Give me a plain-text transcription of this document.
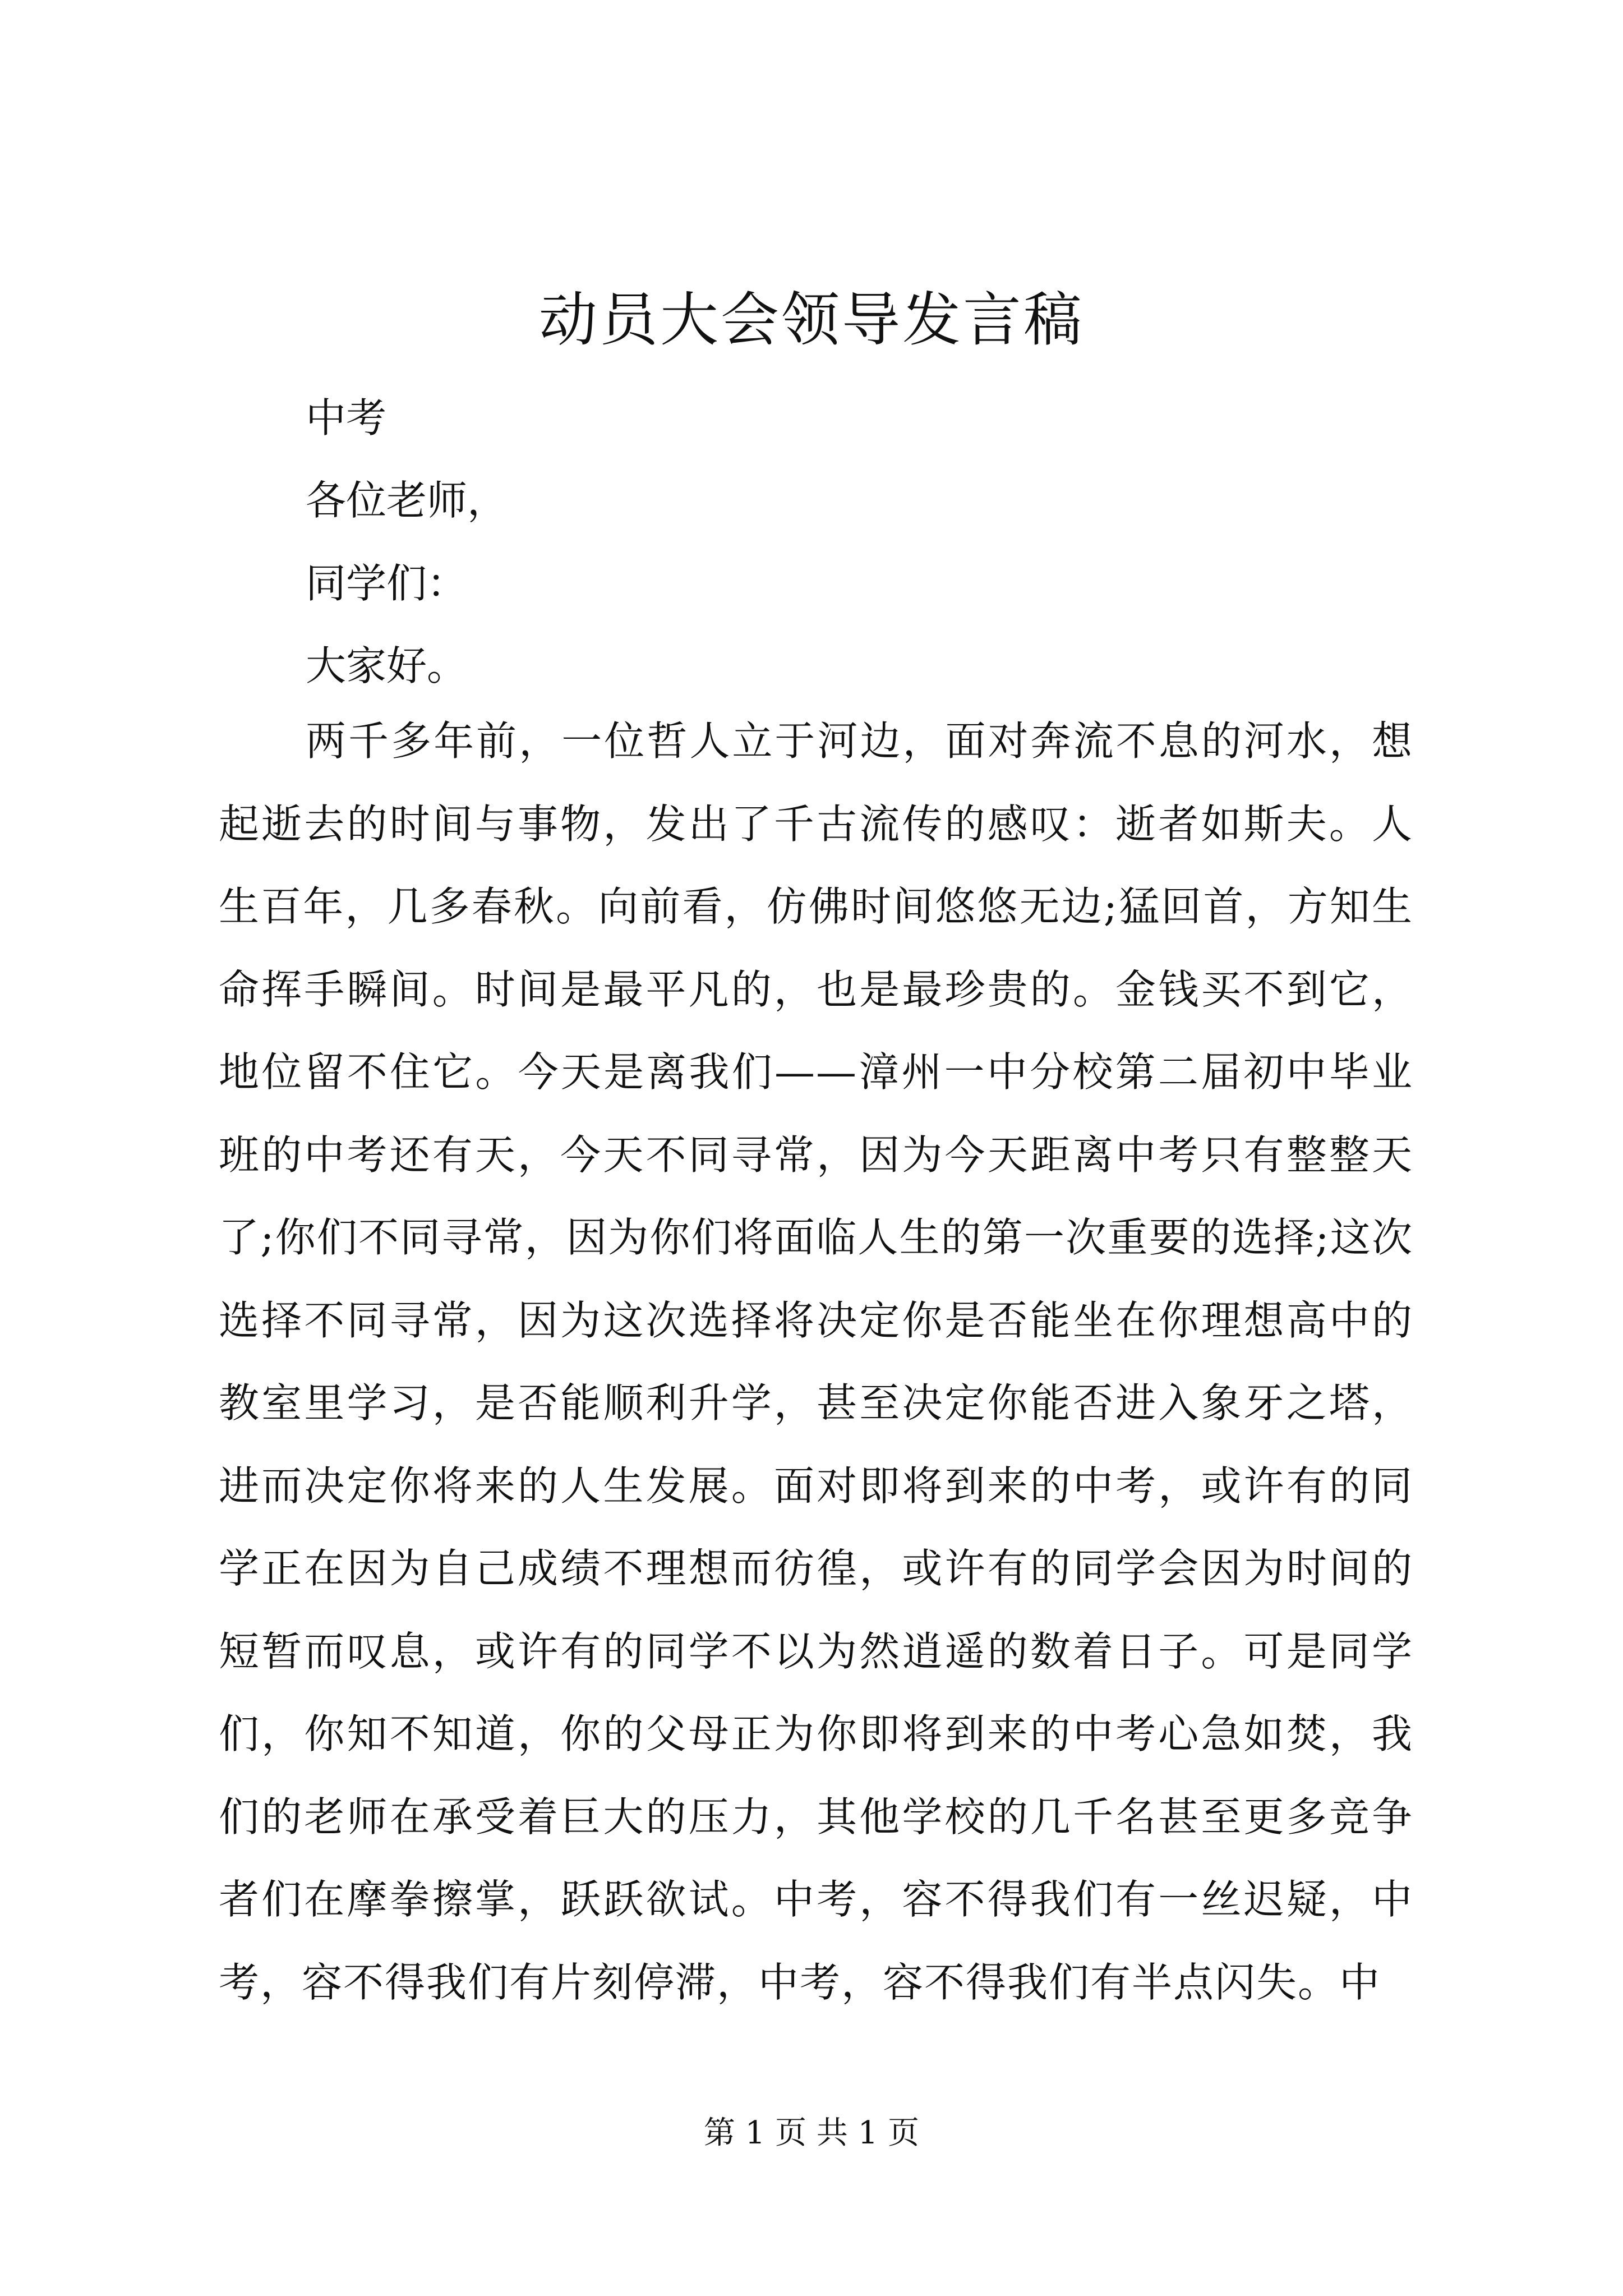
动员大会领导发言稿

中考

各位老师，

同学们：

大家好。

两千多年前，一位哲人立于河边，面对奔流不息的河水，想起逝去的时间与事物，发出了千古流传的感叹：逝者如斯夫。人生百年，几多春秋。向前看，仿佛时间悠悠无边;猛回首，方知生命挥手瞬间。时间是最平凡的，也是最珍贵的。金钱买不到它，地位留不住它。今天是离我们——漳州一中分校第二届初中毕业班的中考还有天，今天不同寻常，因为今天距离中考只有整整天了;你们不同寻常，因为你们将面临人生的第一次重要的选择;这次选择不同寻常，因为这次选择将决定你是否能坐在你理想高中的教室里学习，是否能顺利升学，甚至决定你能否进入象牙之塔，进而决定你将来的人生发展。面对即将到来的中考，或许有的同学正在因为自己成绩不理想而彷徨，或许有的同学会因为时间的短暂而叹息，或许有的同学不以为然逍遥的数着日子。可是同学们，你知不知道，你的父母正为你即将到来的中考心急如焚，我们的老师在承受着巨大的压力，其他学校的几千名甚至更多竞争者们在摩拳擦掌，跃跃欲试。中考，容不得我们有一丝迟疑，中考，容不得我们有片刻停滞，中考，容不得我们有半点闪失。中

第 1 页 共 1 页
